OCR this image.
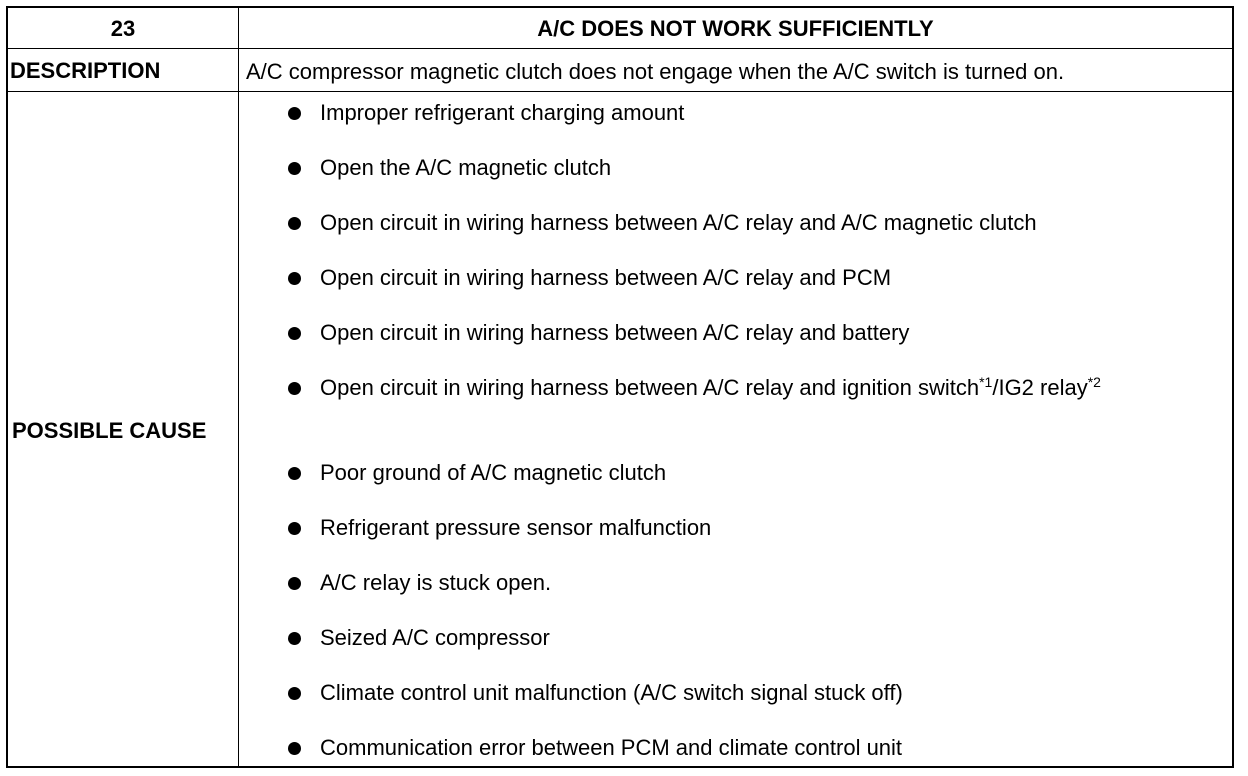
23	A/C DOES NOT WORK SUFFICIENTLY
DESCRIPTION	A/C compressor magnetic clutch does not engage when the A/C switch is turned on.
POSSIBLE CAUSE
Improper refrigerant charging amount
Open the A/C magnetic clutch
Open circuit in wiring harness between A/C relay and A/C magnetic clutch
Open circuit in wiring harness between A/C relay and PCM
Open circuit in wiring harness between A/C relay and battery
Open circuit in wiring harness between A/C relay and ignition switch$^{*1}$/IG2 relay$^{*2}$
Poor ground of A/C magnetic clutch
Refrigerant pressure sensor malfunction
A/C relay is stuck open.
Seized A/C compressor
Climate control unit malfunction (A/C switch signal stuck off)
Communication error between PCM and climate control unit
